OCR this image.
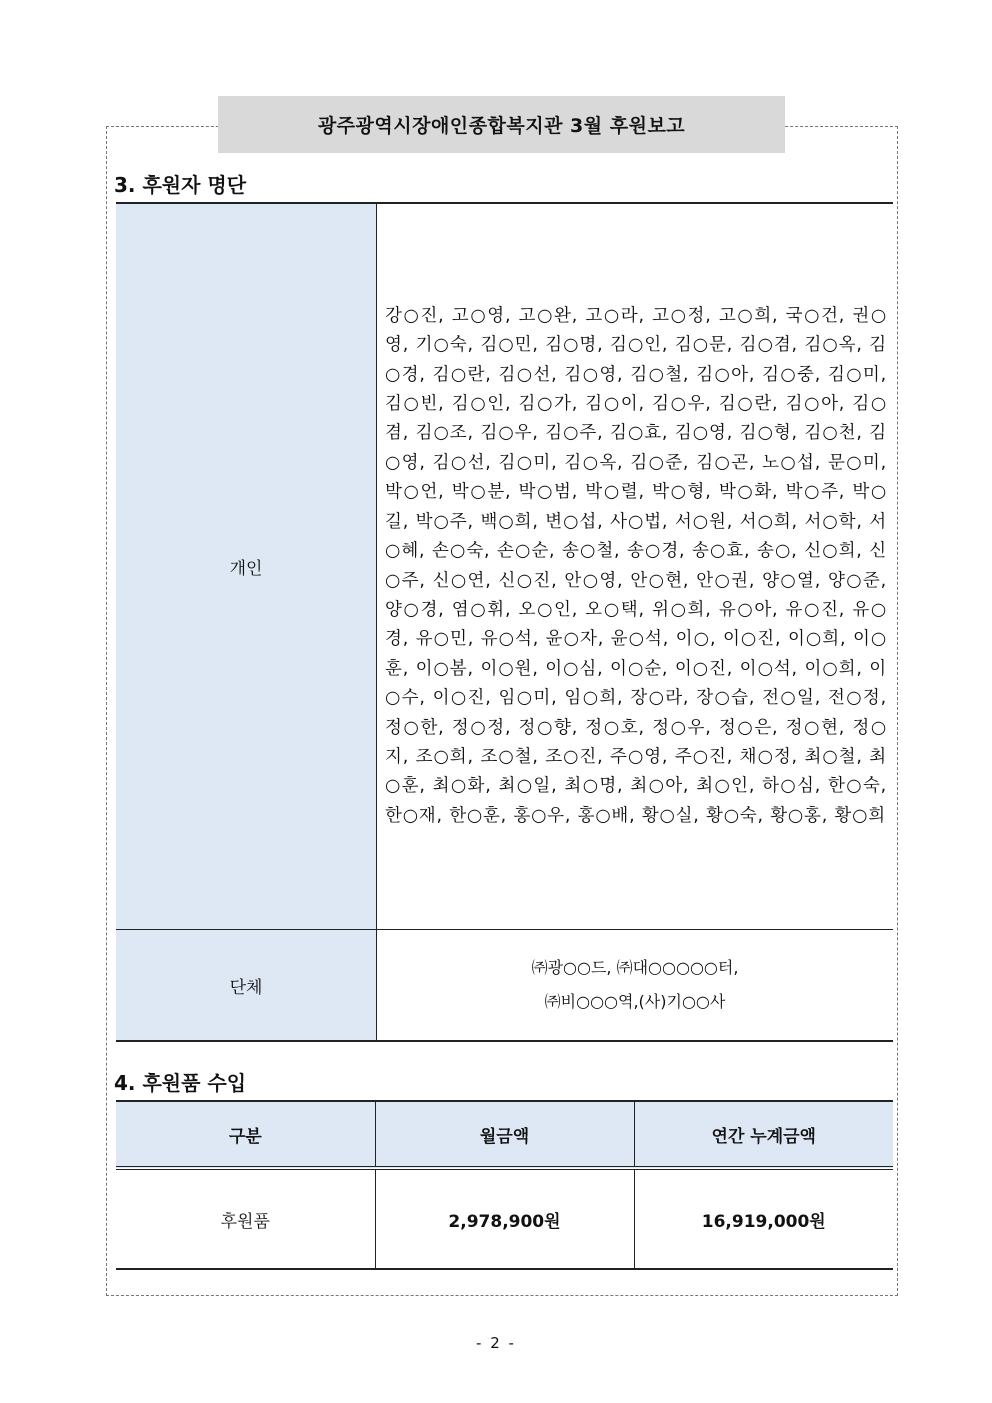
광주광역시장애인종합복지관 3월 후원보고
3. 후원자 명단
개인	강○진, 고○영, 고○완, 고○라, 고○정, 고○희, 국○건, 권○영, 기○숙, 김○민, 김○명, 김○인, 김○문, 김○겸, 김○옥, 김○경, 김○란, 김○선, 김○영, 김○철, 김○아, 김○중, 김○미, 김○빈, 김○인, 김○가, 김○이, 김○우, 김○란, 김○아, 김○겸, 김○조, 김○우, 김○주, 김○효, 김○영, 김○형, 김○천, 김○영, 김○선, 김○미, 김○옥, 김○준, 김○곤, 노○섭, 문○미, 박○언, 박○분, 박○범, 박○렬, 박○형, 박○화, 박○주, 박○길, 박○주, 백○희, 변○섭, 사○법, 서○원, 서○희, 서○학, 서○혜, 손○숙, 손○순, 송○철, 송○경, 송○효, 송○, 신○희, 신○주, 신○연, 신○진, 안○영, 안○현, 안○권, 양○열, 양○준, 양○경, 염○휘, 오○인, 오○택, 위○희, 유○아, 유○진, 유○경, 유○민, 유○석, 윤○자, 윤○석, 이○, 이○진, 이○희, 이○훈, 이○봄, 이○원, 이○심, 이○순, 이○진, 이○석, 이○희, 이○수, 이○진, 임○미, 임○희, 장○라, 장○습, 전○일, 전○정, 정○한, 정○정, 정○향, 정○호, 정○우, 정○은, 정○현, 정○지, 조○희, 조○철, 조○진, 주○영, 주○진, 채○정, 최○철, 최○훈, 최○화, 최○일, 최○명, 최○아, 최○인, 하○심, 한○숙, 한○재, 한○훈, 홍○우, 홍○배, 황○실, 황○숙, 황○홍, 황○희
단체	㈜광○○드, ㈜대○○○○○터,
㈜비○○○역,(사)기○○사
4. 후원품 수입
구분	월금액	연간 누계금액
후원품	2,978,900원	16,919,000원
- 2 -
